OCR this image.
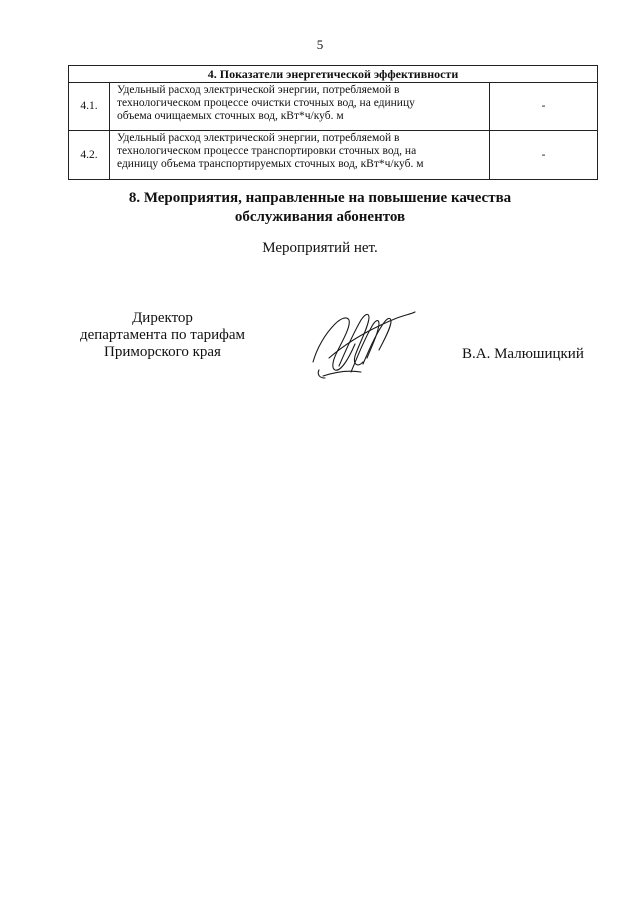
5
4. Показатели энергетической эффективности		
4.1.	Удельный расход электрической энергии, потребляемой в
технологическом процессе очистки сточных вод, на единицу
объема очищаемых сточных вод, кВт*ч/куб. м	-
4.2.	Удельный расход электрической энергии, потребляемой в
технологическом процессе транспортировки сточных вод, на
единицу объема транспортируемых сточных вод, кВт*ч/куб. м	-
8. Мероприятия, направленные на повышение качества
обслуживания абонентов
Мероприятий нет.
Директор
департамента по тарифам
Приморского края	В.А. Малюшицкий
